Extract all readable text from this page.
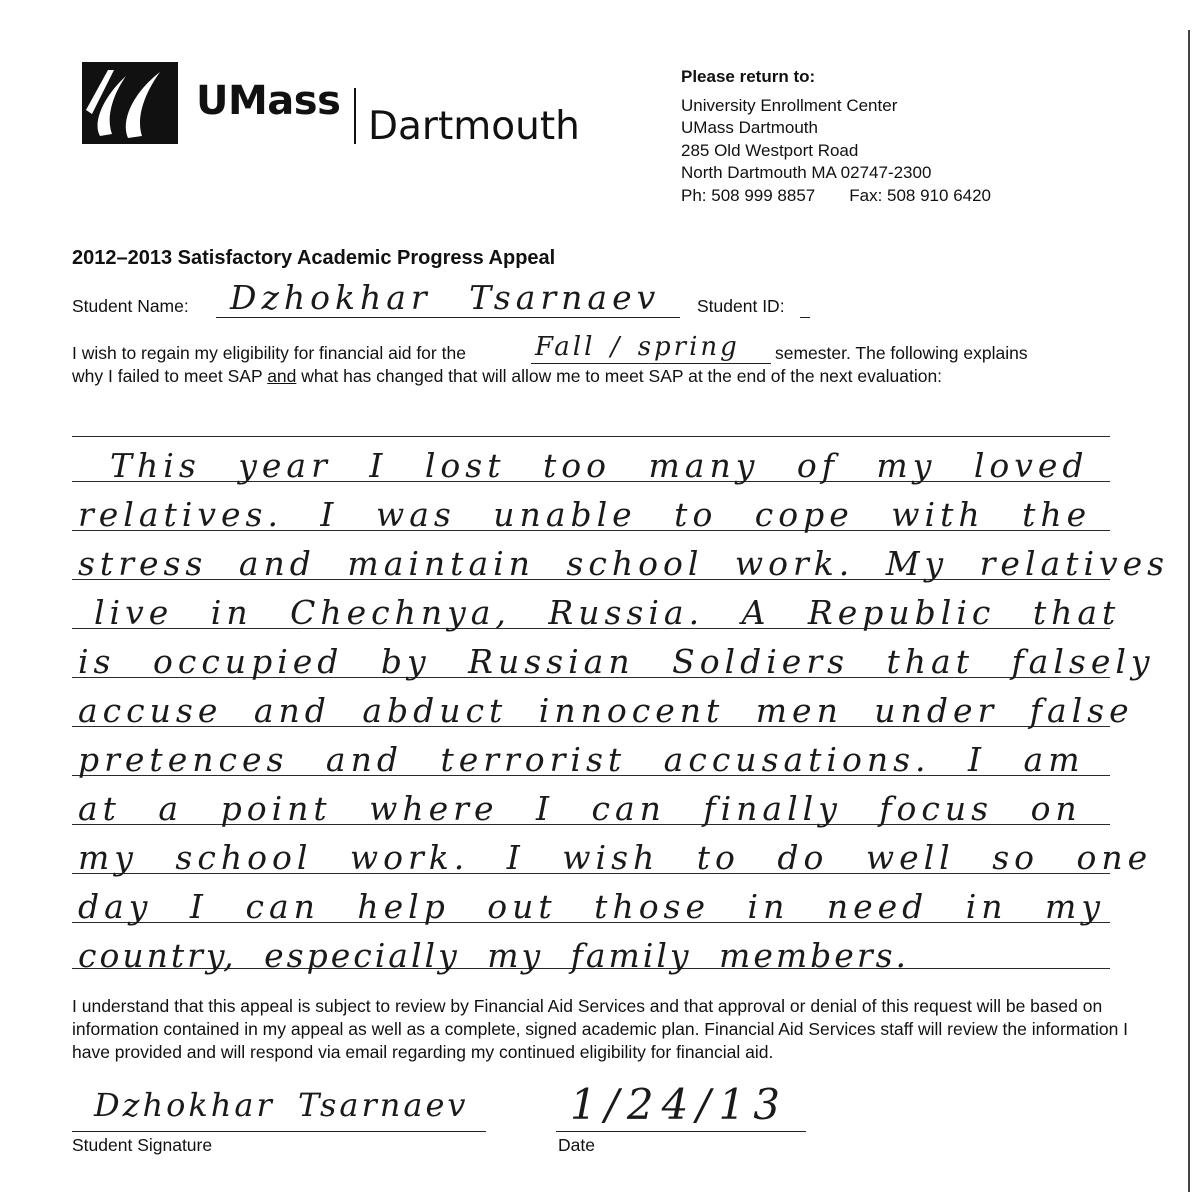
UMass
Dartmouth
Please return to:
University Enrollment Center
UMass Dartmouth
285 Old Westport Road
North Dartmouth MA 02747-2300
Ph: 508 999 8857 Fax: 508 910 6420
2012–2013 Satisfactory Academic Progress Appeal
Student Name: Dzhokhar Tsarnaev Student ID:
I wish to regain my eligibility for financial aid for the	Fall / spring semester. The following explains
why I failed to meet SAP and what has changed that will allow me to meet SAP at the end of the next evaluation:
This year I lost too many of my loved
relatives. I was unable to cope with the
stress and maintain school work. My relatives
live in Chechnya, Russia. A Republic that
is occupied by Russian Soldiers that falsely
accuse and abduct innocent men under false
pretences and terrorist accusations. I am
at a point where I can finally focus on
my school work. I wish to do well so one
day I can help out those in need in my
country, especially my family members.
I understand that this appeal is subject to review by Financial Aid Services and that approval or denial of this request will be based on information contained in my appeal as well as a complete, signed academic plan. Financial Aid Services staff will review the information I have provided and will respond via email regarding my continued eligibility for financial aid.
Dzhokhar Tsarnaev
Student Signature
1/24/13
Date
